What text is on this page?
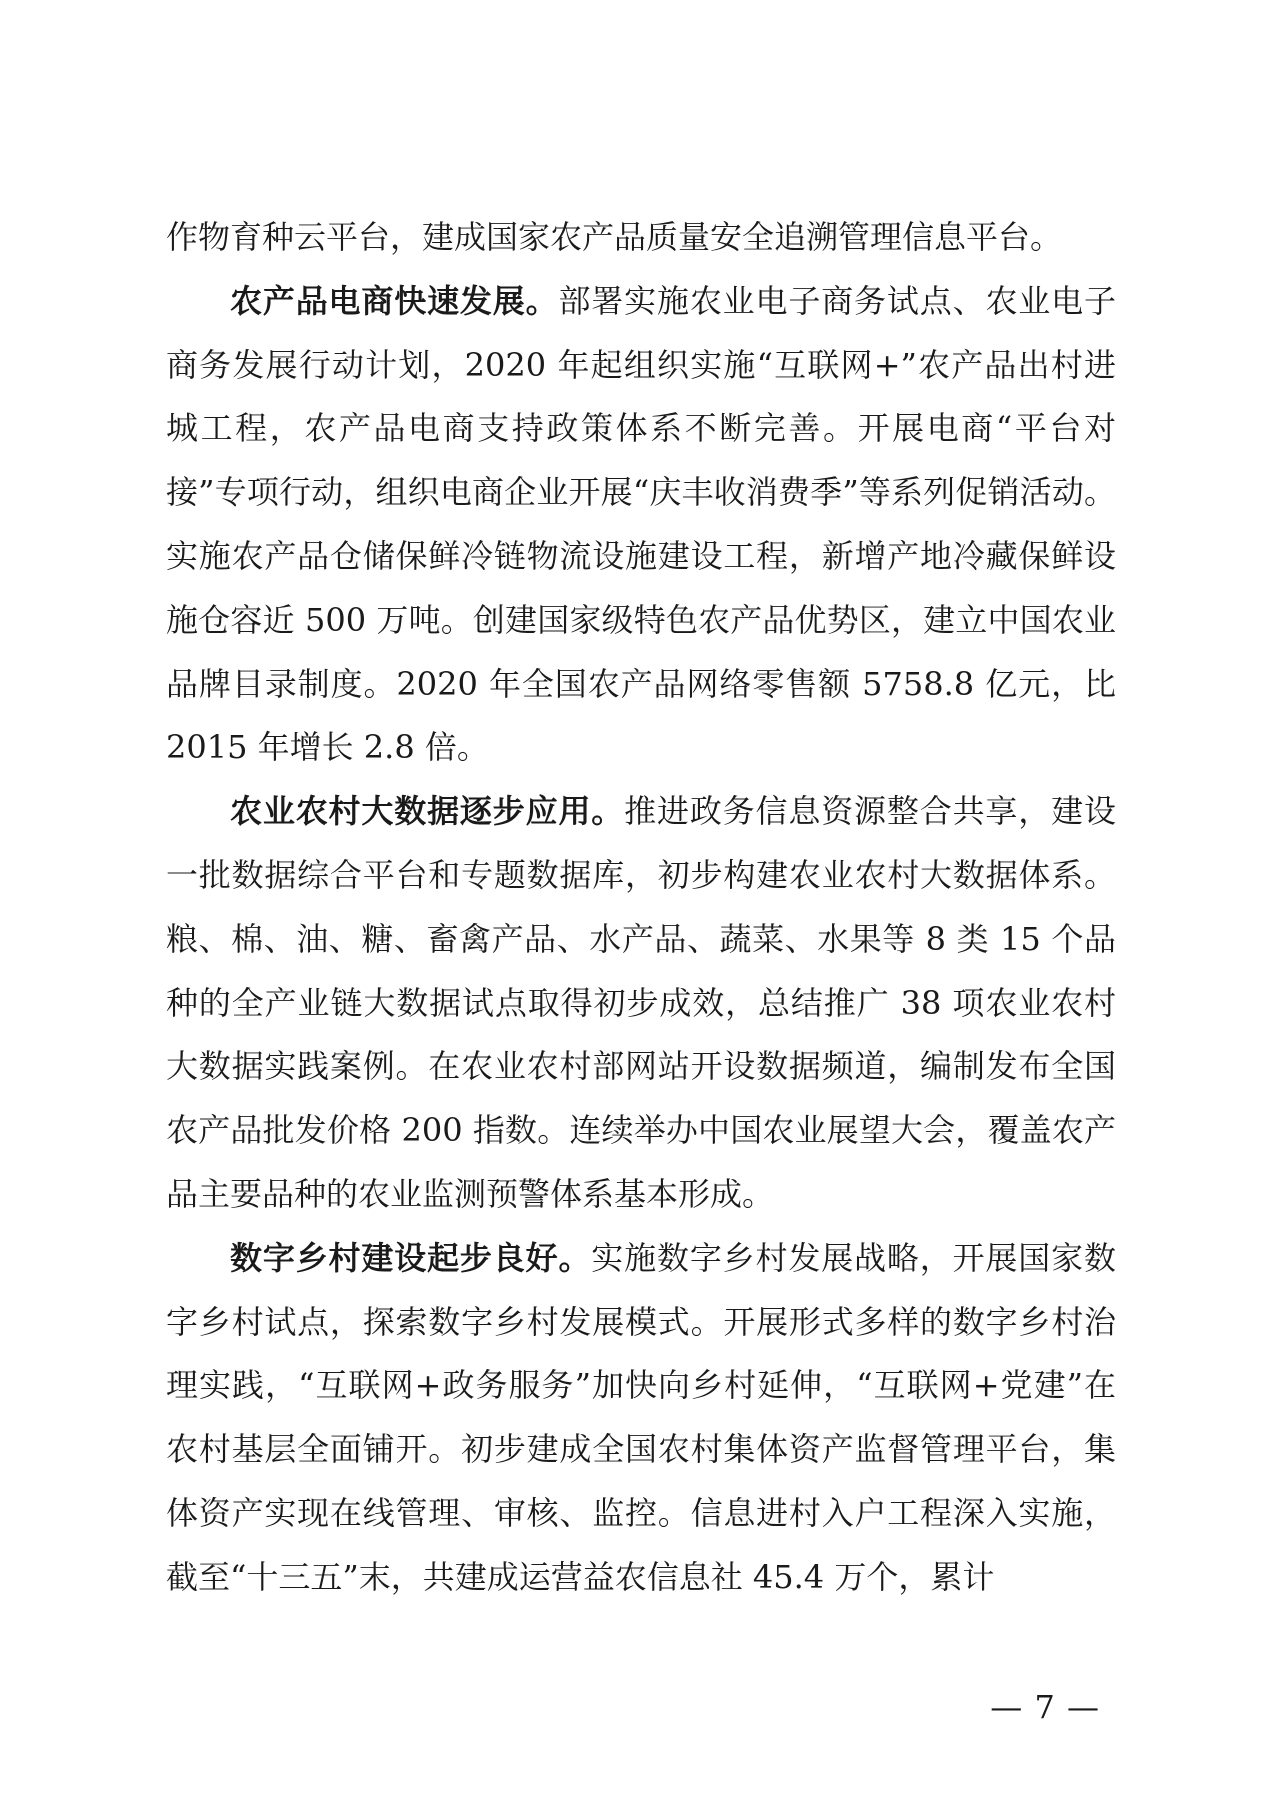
作物育种云平台，建成国家农产品质量安全追溯管理信息平台。

农产品电商快速发展。部署实施农业电子商务试点、农业电子商务发展行动计划，2020 年起组织实施“互联网+”农产品出村进城工程，农产品电商支持政策体系不断完善。开展电商“平台对接”专项行动，组织电商企业开展“庆丰收消费季”等系列促销活动。实施农产品仓储保鲜冷链物流设施建设工程，新增产地冷藏保鲜设施仓容近 500 万吨。创建国家级特色农产品优势区，建立中国农业品牌目录制度。2020 年全国农产品网络零售额 5758.8 亿元，比 2015 年增长 2.8 倍。

农业农村大数据逐步应用。推进政务信息资源整合共享，建设一批数据综合平台和专题数据库，初步构建农业农村大数据体系。粮、棉、油、糖、畜禽产品、水产品、蔬菜、水果等 8 类 15 个品种的全产业链大数据试点取得初步成效，总结推广 38 项农业农村大数据实践案例。在农业农村部网站开设数据频道，编制发布全国农产品批发价格 200 指数。连续举办中国农业展望大会，覆盖农产品主要品种的农业监测预警体系基本形成。

数字乡村建设起步良好。实施数字乡村发展战略，开展国家数字乡村试点，探索数字乡村发展模式。开展形式多样的数字乡村治理实践，“互联网+政务服务”加快向乡村延伸，“互联网+党建”在农村基层全面铺开。初步建成全国农村集体资产监督管理平台，集体资产实现在线管理、审核、监控。信息进村入户工程深入实施，截至“十三五”末，共建成运营益农信息社 45.4 万个，累计

— 7 —
